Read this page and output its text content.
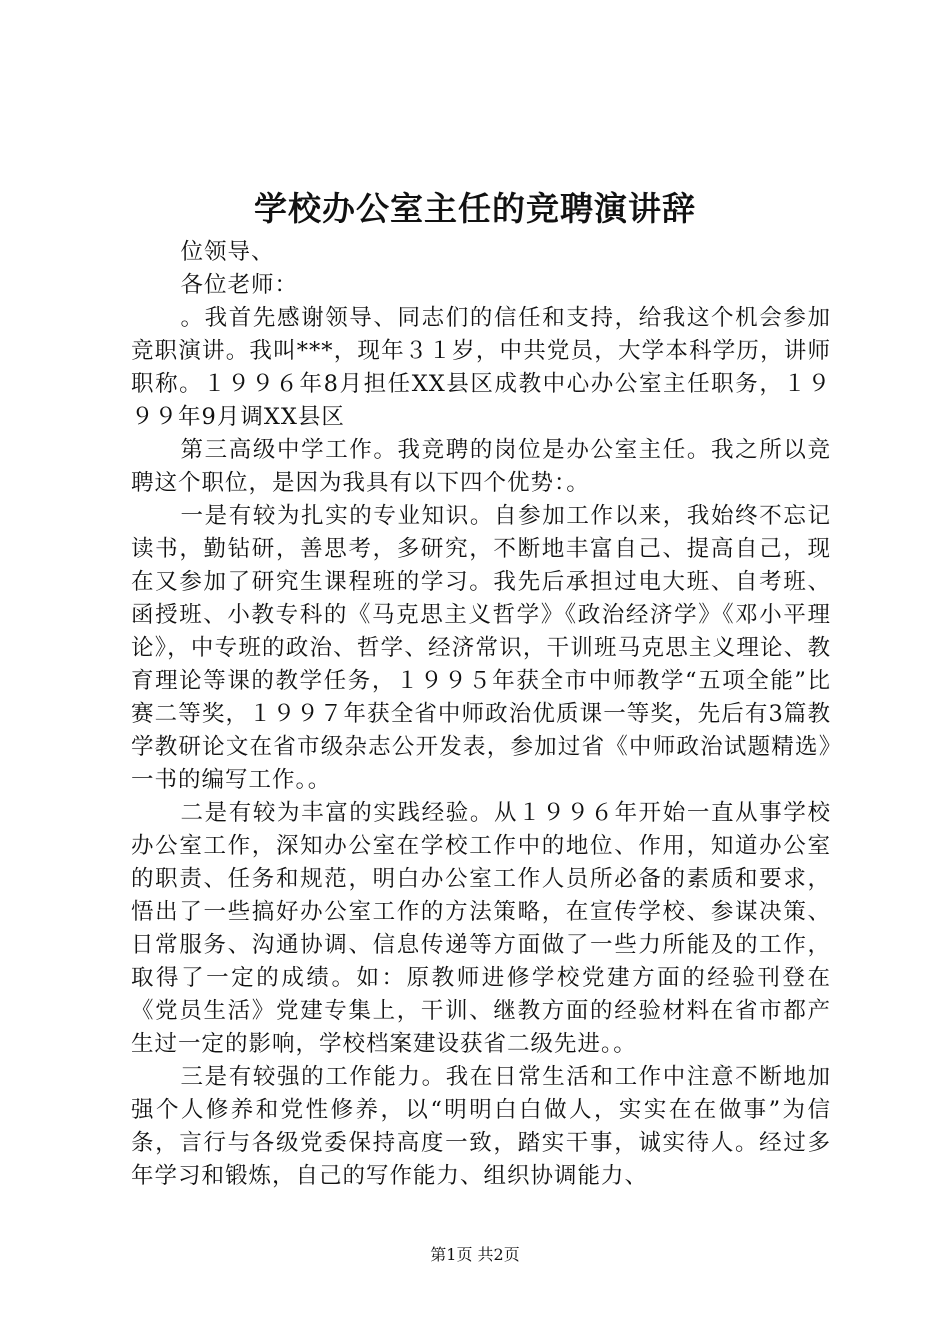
学校办公室主任的竞聘演讲辞

位领导、

各位老师：

。我首先感谢领导、同志们的信任和支持，给我这个机会参加竞职演讲。我叫***，现年３１岁，中共党员，大学本科学历，讲师职称。１９９６年8月担任XX县区成教中心办公室主任职务，１９９９年9月调XX县区

第三高级中学工作。我竞聘的岗位是办公室主任。我之所以竞聘这个职位，是因为我具有以下四个优势：。

一是有较为扎实的专业知识。自参加工作以来，我始终不忘记读书，勤钻研，善思考，多研究，不断地丰富自己、提高自己，现在又参加了研究生课程班的学习。我先后承担过电大班、自考班、函授班、小教专科的《马克思主义哲学》《政治经济学》《邓小平理论》，中专班的政治、哲学、经济常识，干训班马克思主义理论、教育理论等课的教学任务，１９９５年获全市中师教学“五项全能”比赛二等奖，１９９７年获全省中师政治优质课一等奖，先后有3篇教学教研论文在省市级杂志公开发表，参加过省《中师政治试题精选》一书的编写工作。。

二是有较为丰富的实践经验。从１９９６年开始一直从事学校办公室工作，深知办公室在学校工作中的地位、作用，知道办公室的职责、任务和规范，明白办公室工作人员所必备的素质和要求，悟出了一些搞好办公室工作的方法策略，在宣传学校、参谋决策、日常服务、沟通协调、信息传递等方面做了一些力所能及的工作，取得了一定的成绩。如：原教师进修学校党建方面的经验刊登在《党员生活》党建专集上，干训、继教方面的经验材料在省市都产生过一定的影响，学校档案建设获省二级先进。。

三是有较强的工作能力。我在日常生活和工作中注意不断地加强个人修养和党性修养，以“明明白白做人，实实在在做事”为信条，言行与各级党委保持高度一致，踏实干事，诚实待人。经过多年学习和锻炼，自己的写作能力、组织协调能力、

第1页 共2页
